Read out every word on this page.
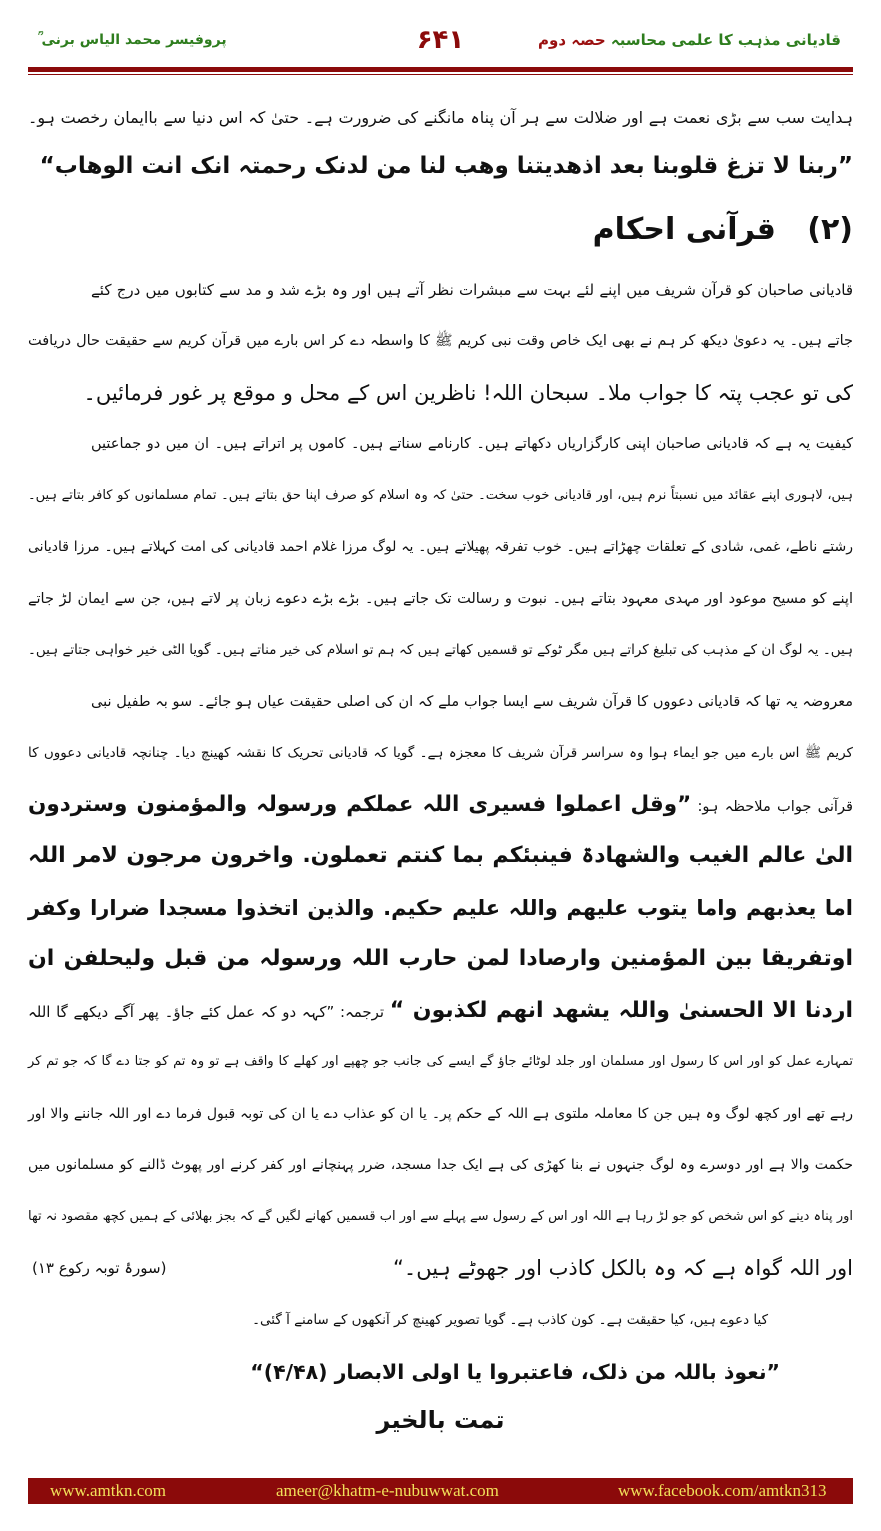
قادیانی مذہب کا علمی محاسبہ حصہ دوم
۶۴۱
پروفیسر محمد الیاس برنی ؒ
ہدایت سب سے بڑی نعمت ہے اور ضلالت سے ہر آن پناہ مانگنے کی ضرورت ہے۔ حتیٰ کہ اس دنیا سے باایمان رخصت ہو۔
”ربنا لا تزغ قلوبنا بعد اذھدیتنا وھب لنا من لدنک رحمتہ انک انت الوھاب“
(۲)   قرآنی احکام
قادیانی صاحبان کو قرآن شریف میں اپنے لئے بہت سے مبشرات نظر آتے ہیں اور وہ بڑے شد و مد سے کتابوں میں درج کئے
جاتے ہیں۔ یہ دعویٰ دیکھ کر ہم نے بھی ایک خاص وقت نبی کریم ﷺ کا واسطہ دے کر اس بارے میں قرآن کریم سے حقیقت حال دریافت
کی تو عجب پتہ کا جواب ملا۔ سبحان اللہ! ناظرین اس کے محل و موقع پر غور فرمائیں۔
کیفیت یہ ہے کہ قادیانی صاحبان اپنی کارگزاریاں دکھاتے ہیں۔ کارنامے سناتے ہیں۔ کاموں پر اتراتے ہیں۔ ان میں دو جماعتیں
ہیں، لاہوری اپنے عقائد میں نسبتاً نرم ہیں، اور قادیانی خوب سخت۔ حتیٰ کہ وہ اسلام کو صرف اپنا حق بتاتے ہیں۔ تمام مسلمانوں کو کافر بتاتے ہیں۔
رشتے ناطے، غمی، شادی کے تعلقات چھڑاتے ہیں۔ خوب تفرقہ پھیلاتے ہیں۔ یہ لوگ مرزا غلام احمد قادیانی کی امت کہلاتے ہیں۔ مرزا قادیانی
اپنے کو مسیح موعود اور مہدی معہود بتاتے ہیں۔ نبوت و رسالت تک جاتے ہیں۔ بڑے بڑے دعوے زبان پر لاتے ہیں، جن سے ایمان لڑ جاتے
ہیں۔ یہ لوگ ان کے مذہب کی تبلیغ کراتے ہیں مگر ٹوکے تو قسمیں کھاتے ہیں کہ ہم تو اسلام کی خیر مناتے ہیں۔ گویا الٹی خیر خواہی جتاتے ہیں۔
معروضہ یہ تھا کہ قادیانی دعووں کا قرآن شریف سے ایسا جواب ملے کہ ان کی اصلی حقیقت عیاں ہو جائے۔ سو بہ طفیل نبی
کریم ﷺ اس بارے میں جو ایماء ہوا وہ سراسر قرآن شریف کا معجزہ ہے۔ گویا کہ قادیانی تحریک کا نقشہ کھینچ دیا۔ چنانچہ قادیانی دعووں کا
قرآنی جواب ملاحظہ ہو: ”وقل اعملوا فسیری اللہ عملکم ورسولہ والمؤمنون وستردون
الیٰ عالم الغیب والشھادۃ فینبئکم بما کنتم تعملون. واخرون مرجون لامر اللہ
اما یعذبھم واما یتوب علیھم واللہ علیم حکیم. والذین اتخذوا مسجدا ضرارا وکفر
اوتفریقا بین المؤمنین وارصادا لمن حارب اللہ ورسولہ من قبل ولیحلفن ان
اردنا الا الحسنیٰ واللہ یشھد انھم لکذبون “ ترجمہ: ”کہہ دو کہ عمل کئے جاؤ۔ پھر آگے دیکھے گا اللہ
تمہارے عمل کو اور اس کا رسول اور مسلمان اور جلد لوٹائے جاؤ گے ایسے کی جانب جو چھپے اور کھلے کا واقف ہے تو وہ تم کو جتا دے گا کہ جو تم کر
رہے تھے اور کچھ لوگ وہ ہیں جن کا معاملہ ملتوی ہے اللہ کے حکم پر۔ یا ان کو عذاب دے یا ان کی توبہ قبول فرما دے اور اللہ جاننے والا اور
حکمت والا ہے اور دوسرے وہ لوگ جنہوں نے بنا کھڑی کی ہے ایک جدا مسجد، ضرر پہنچانے اور کفر کرنے اور پھوٹ ڈالنے کو مسلمانوں میں
اور پناہ دینے کو اس شخص کو جو لڑ رہا ہے اللہ اور اس کے رسول سے پہلے سے اور اب قسمیں کھانے لگیں گے کہ بجز بھلائی کے ہمیں کچھ مقصود نہ تھا
اور اللہ گواہ ہے کہ وہ بالکل کاذب اور جھوٹے ہیں۔“
(سورۂ توبہ رکوع ۱۳)
کیا دعوے ہیں، کیا حقیقت ہے۔ کون کاذب ہے۔ گویا تصویر کھینچ کر آنکھوں کے سامنے آ گئی۔
”نعوذ باللہ من ذلک، فاعتبروا یا اولی الابصار (۴/۴۸)“
تمت بالخیر
www.amtkn.com	ameer@khatm-e-nubuwwat.com	www.facebook.com/amtkn313
